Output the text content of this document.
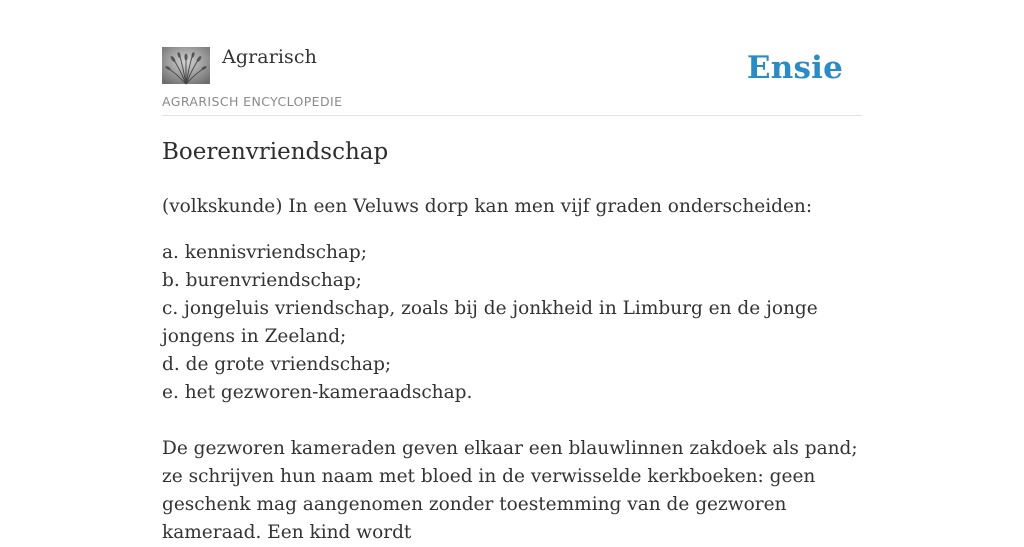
Agrarisch
AGRARISCH ENCYCLOPEDIE
Ensie
Boerenvriendschap

(volkskunde) In een Veluws dorp kan men vijf graden onderscheiden:

a. kennisvriendschap;
b. burenvriendschap;
c. jongeluis vriendschap, zoals bij de jonkheid in Limburg en de jonge jongens in Zeeland;
d. de grote vriendschap;
e. het gezworen-kameraadschap.

De gezworen kameraden geven elkaar een blauwlinnen zakdoek als pand; ze schrijven hun naam met bloed in de verwisselde kerkboeken: geen geschenk mag aangenomen zonder toestemming van de gezworen kameraad. Een kind wordt
